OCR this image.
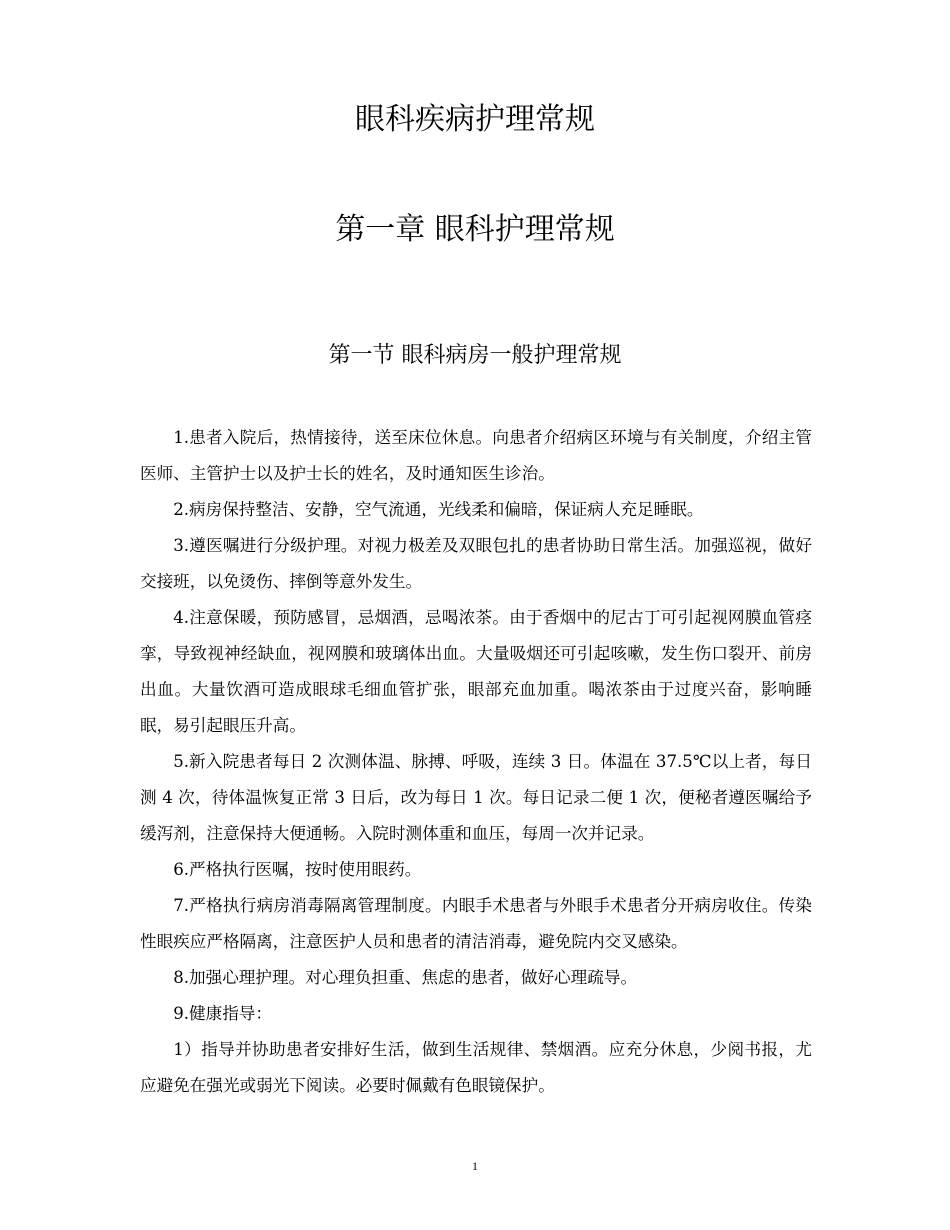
眼科疾病护理常规
第一章 眼科护理常规
第一节 眼科病房一般护理常规

1.患者入院后，热情接待，送至床位休息。向患者介绍病区环境与有关制度，介绍主管医师、主管护士以及护士长的姓名，及时通知医生诊治。

2.病房保持整洁、安静，空气流通，光线柔和偏暗，保证病人充足睡眠。

3.遵医嘱进行分级护理。对视力极差及双眼包扎的患者协助日常生活。加强巡视，做好交接班，以免烫伤、摔倒等意外发生。

4.注意保暖，预防感冒，忌烟酒，忌喝浓茶。由于香烟中的尼古丁可引起视网膜血管痉挛，导致视神经缺血，视网膜和玻璃体出血。大量吸烟还可引起咳嗽，发生伤口裂开、前房出血。大量饮酒可造成眼球毛细血管扩张，眼部充血加重。喝浓茶由于过度兴奋，影响睡眠，易引起眼压升高。

5.新入院患者每日 2 次测体温、脉搏、呼吸，连续 3 日。体温在 37.5℃以上者，每日测 4 次，待体温恢复正常 3 日后，改为每日 1 次。每日记录二便 1 次，便秘者遵医嘱给予缓泻剂，注意保持大便通畅。入院时测体重和血压，每周一次并记录。

6.严格执行医嘱，按时使用眼药。

7.严格执行病房消毒隔离管理制度。内眼手术患者与外眼手术患者分开病房收住。传染性眼疾应严格隔离，注意医护人员和患者的清洁消毒，避免院内交叉感染。

8.加强心理护理。对心理负担重、焦虑的患者，做好心理疏导。

9.健康指导：

1）指导并协助患者安排好生活，做到生活规律、禁烟酒。应充分休息，少阅书报，尤应避免在强光或弱光下阅读。必要时佩戴有色眼镜保护。

1
